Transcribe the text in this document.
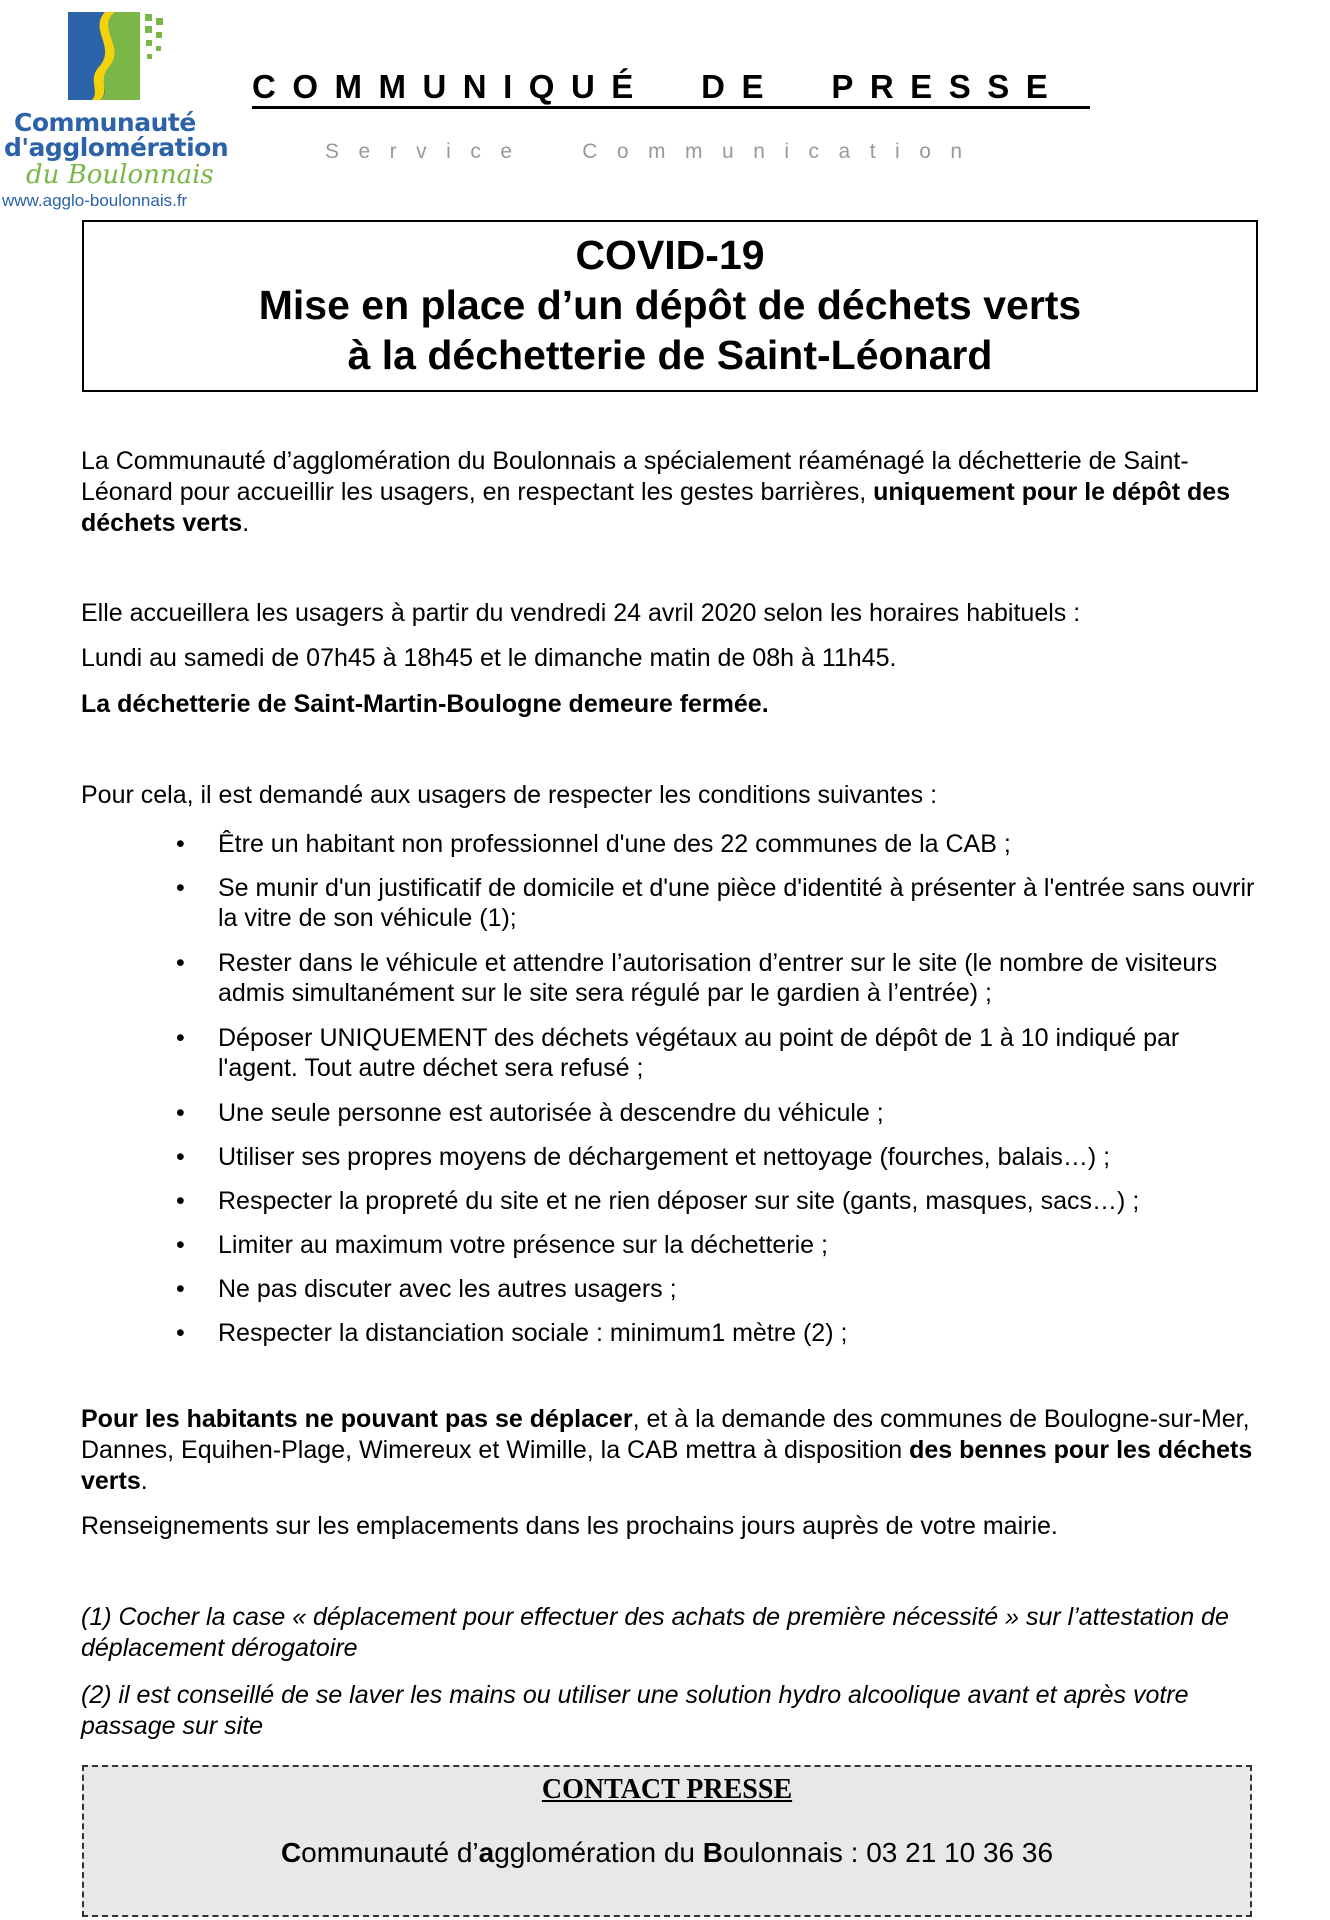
Communauté
d'agglomération
du Boulonnais
www.agglo-boulonnais.fr
COMMUNIQUÉ  DE  PRESSE
Service  Communication
COVID-19
Mise en place d’un dépôt de déchets verts
à la déchetterie de Saint-Léonard

La Communauté d’agglomération du Boulonnais a spécialement réaménagé la déchetterie de Saint-Léonard pour accueillir les usagers, en respectant les gestes barrières, uniquement pour le dépôt des déchets verts.

Elle accueillera les usagers à partir du vendredi 24 avril 2020 selon les horaires habituels :
Lundi au samedi de 07h45 à 18h45 et le dimanche matin de 08h à 11h45.
La déchetterie de Saint-Martin-Boulogne demeure fermée.
Pour cela, il est demandé aux usagers de respecter les conditions suivantes :
• Être un habitant non professionnel d'une des 22 communes de la CAB ;
• Se munir d'un justificatif de domicile et d'une pièce d'identité à présenter à l'entrée sans ouvrir la vitre de son véhicule (1);
• Rester dans le véhicule et attendre l’autorisation d’entrer sur le site (le nombre de visiteurs admis simultanément sur le site sera régulé par le gardien à l’entrée) ;
• Déposer UNIQUEMENT des déchets végétaux au point de dépôt de 1 à 10 indiqué par l'agent. Tout autre déchet sera refusé ;
• Une seule personne est autorisée à descendre du véhicule ;
• Utiliser ses propres moyens de déchargement et nettoyage (fourches, balais…) ;
• Respecter la propreté du site et ne rien déposer sur site (gants, masques, sacs…) ;
• Limiter au maximum votre présence sur la déchetterie ;
• Ne pas discuter avec les autres usagers ;
• Respecter la distanciation sociale : minimum1 mètre (2) ;

Pour les habitants ne pouvant pas se déplacer, et à la demande des communes de Boulogne-sur-Mer, Dannes, Equihen-Plage, Wimereux et Wimille, la CAB mettra à disposition des bennes pour les déchets verts.

Renseignements sur les emplacements dans les prochains jours auprès de votre mairie.
(1) Cocher la case « déplacement pour effectuer des achats de première nécessité » sur l’attestation de déplacement dérogatoire
(2) il est conseillé de se laver les mains ou utiliser une solution hydro alcoolique avant et après votre passage sur site
CONTACT PRESSE
Communauté d’agglomération du Boulonnais : 03 21 10 36 36
